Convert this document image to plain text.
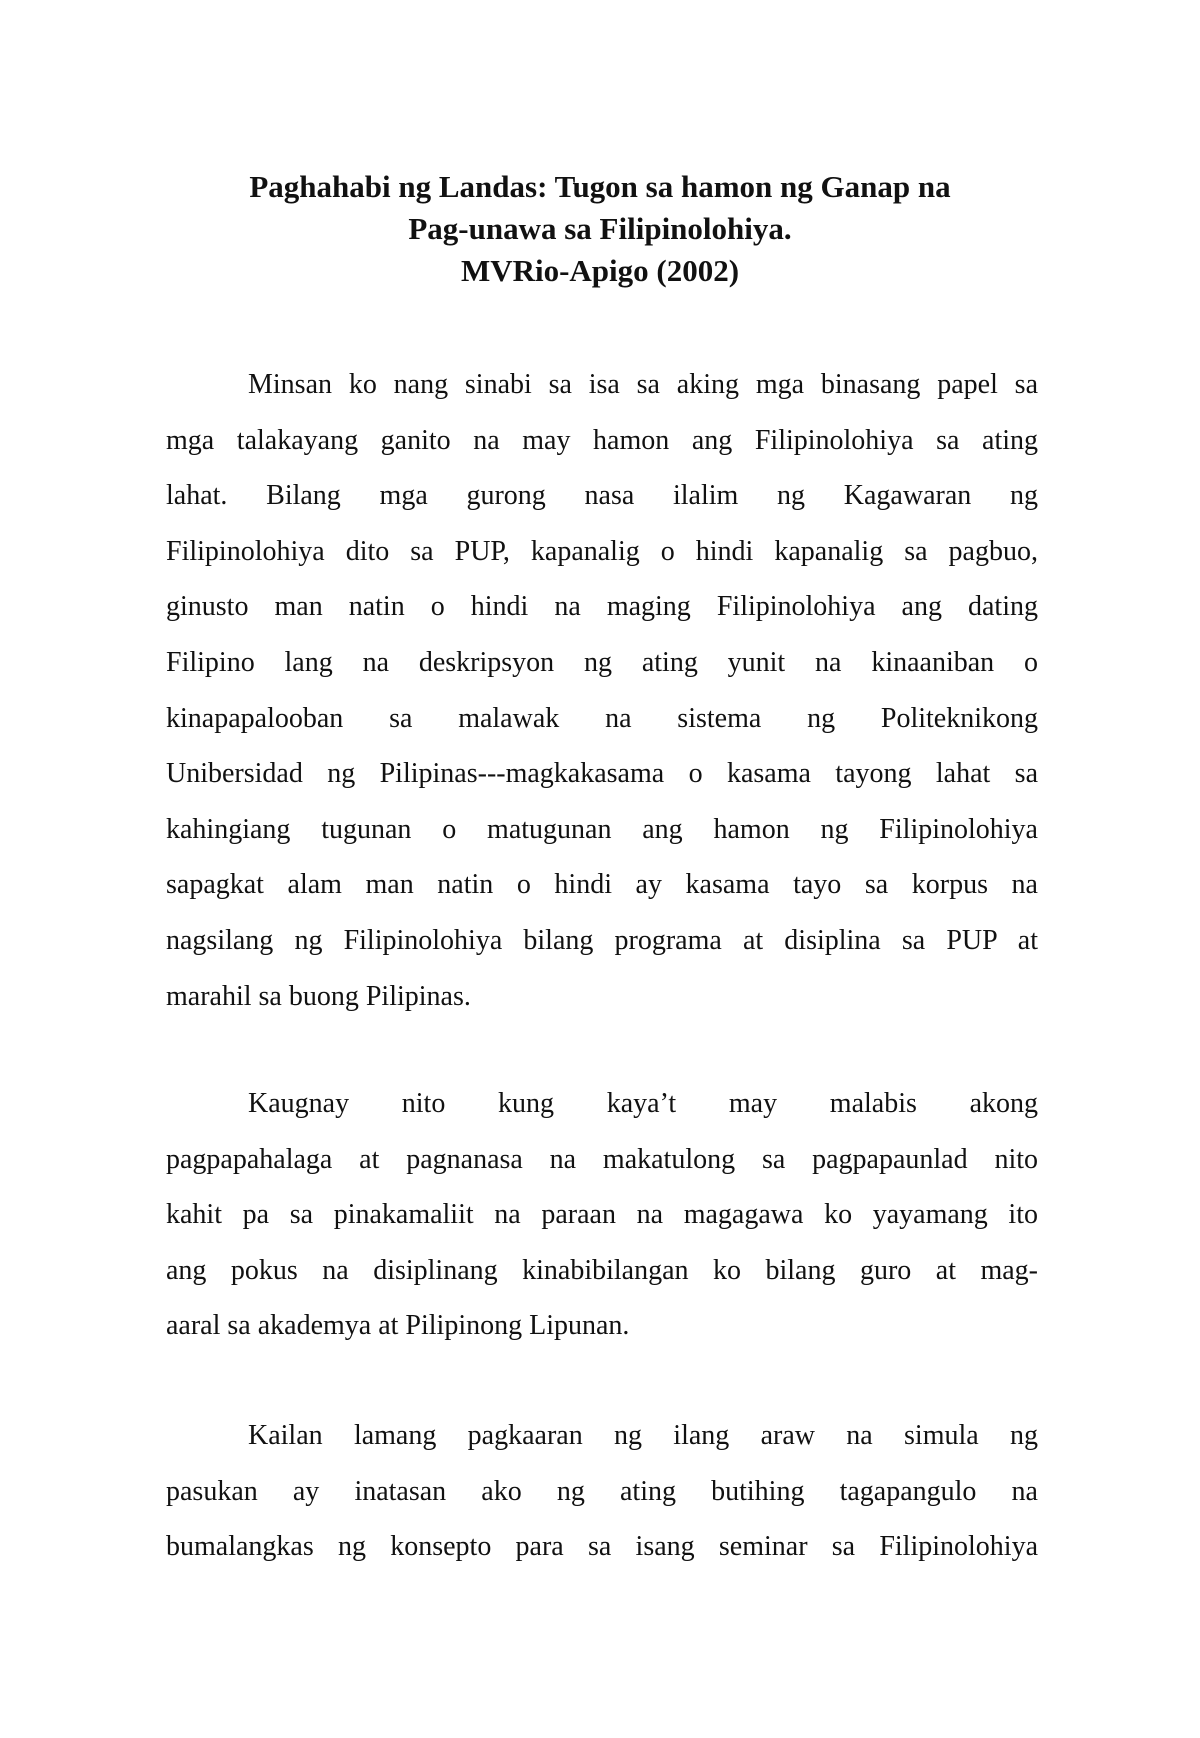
Paghahabi ng Landas: Tugon sa hamon ng Ganap na
Pag-unawa sa Filipinolohiya.
MVRio-Apigo (2002)
Minsan ko nang sinabi sa isa sa aking mga binasang papel sa
mga talakayang ganito na may hamon ang Filipinolohiya sa ating
lahat. Bilang mga gurong nasa ilalim ng Kagawaran ng
Filipinolohiya dito sa PUP, kapanalig o hindi kapanalig sa pagbuo,
ginusto man natin o hindi na maging Filipinolohiya ang dating
Filipino lang na deskripsyon ng ating yunit na kinaaniban o
kinapapalooban sa malawak na sistema ng Politeknikong
Unibersidad ng Pilipinas---magkakasama o kasama tayong lahat sa
kahingiang tugunan o matugunan ang hamon ng Filipinolohiya
sapagkat alam man natin o hindi ay kasama tayo sa korpus na
nagsilang ng Filipinolohiya bilang programa at disiplina sa PUP at
marahil sa buong Pilipinas.
Kaugnay nito kung kaya’t may malabis akong
pagpapahalaga at pagnanasa na makatulong sa pagpapaunlad nito
kahit pa sa pinakamaliit na paraan na magagawa ko yayamang ito
ang pokus na disiplinang kinabibilangan ko bilang guro at mag-
aaral sa akademya at Pilipinong Lipunan.
Kailan lamang pagkaaran ng ilang araw na simula ng
pasukan ay inatasan ako ng ating butihing tagapangulo na
bumalangkas ng konsepto para sa isang seminar sa Filipinolohiya
